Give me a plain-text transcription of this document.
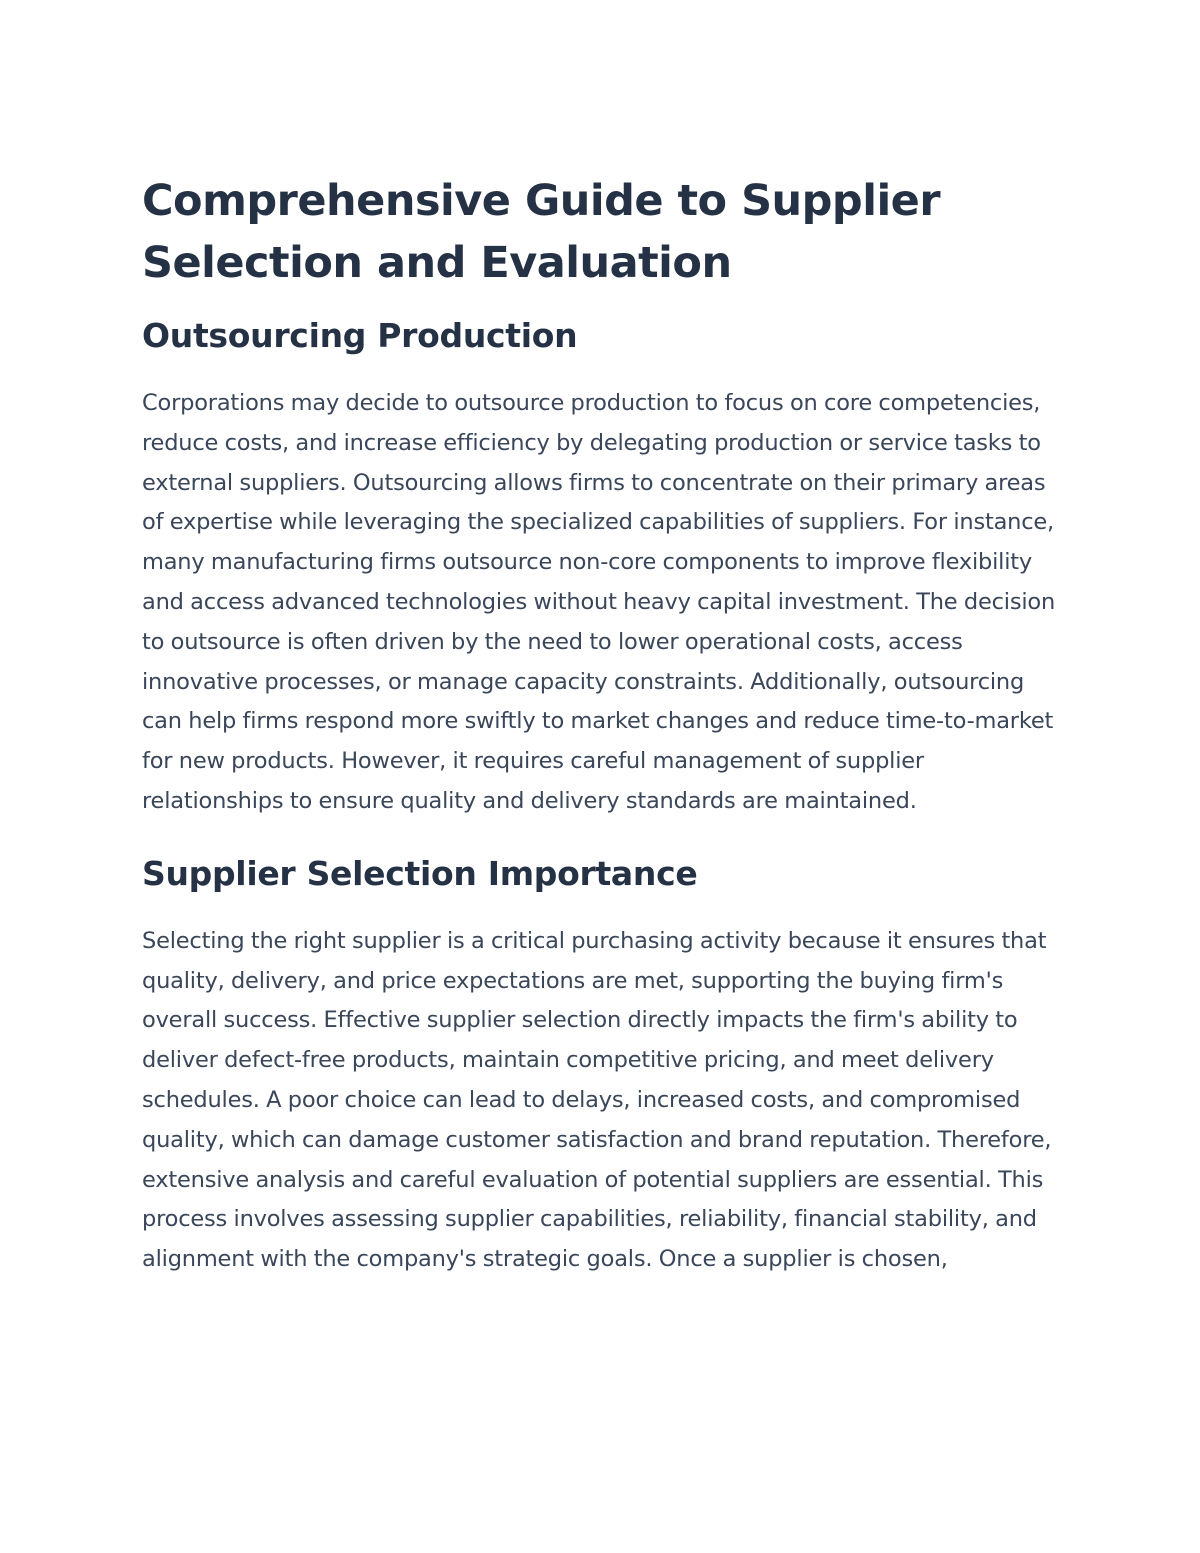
Comprehensive Guide to Supplier Selection and Evaluation
Outsourcing Production

Corporations may decide to outsource production to focus on core competencies, reduce costs, and increase efficiency by delegating production or service tasks to external suppliers. Outsourcing allows firms to concentrate on their primary areas of expertise while leveraging the specialized capabilities of suppliers. For instance, many manufacturing firms outsource non-core components to improve flexibility and access advanced technologies without heavy capital investment. The decision to outsource is often driven by the need to lower operational costs, access innovative processes, or manage capacity constraints. Additionally, outsourcing can help firms respond more swiftly to market changes and reduce time-to-market for new products. However, it requires careful management of supplier relationships to ensure quality and delivery standards are maintained.

Supplier Selection Importance

Selecting the right supplier is a critical purchasing activity because it ensures that quality, delivery, and price expectations are met, supporting the buying firm's overall success. Effective supplier selection directly impacts the firm's ability to deliver defect-free products, maintain competitive pricing, and meet delivery schedules. A poor choice can lead to delays, increased costs, and compromised quality, which can damage customer satisfaction and brand reputation. Therefore, extensive analysis and careful evaluation of potential suppliers are essential. This process involves assessing supplier capabilities, reliability, financial stability, and alignment with the company's strategic goals. Once a supplier is chosen,
